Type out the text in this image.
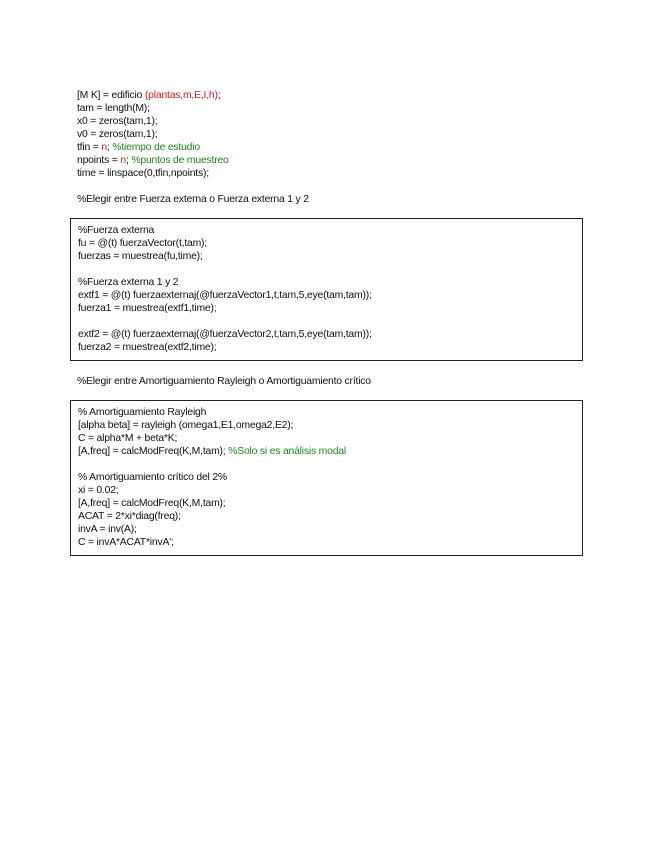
[M K] = edificio (plantas,m,E,I,h);
tam = length(M);
x0 = zeros(tam,1);
v0 = zeros(tam,1);
tfin = n; %tiempo de estudio
npoints = n; %puntos de muestreo
time = linspace(0,tfin,npoints);
%Elegir entre Fuerza externa o Fuerza externa 1 y 2
%Fuerza externa
fu = @(t) fuerzaVector(t,tam);
fuerzas = muestrea(fu,time);
%Fuerza externa 1 y 2
extf1 = @(t) fuerzaexternaj(@fuerzaVector1,t,tam,5,eye(tam,tam));
fuerza1 = muestrea(extf1,time);
extf2 = @(t) fuerzaexternaj(@fuerzaVector2,t,tam,5,eye(tam,tam));
fuerza2 = muestrea(extf2,time);
%Elegir entre Amortiguamiento Rayleigh o Amortiguamiento crítico
% Amortiguamiento Rayleigh
[alpha beta] = rayleigh (omega1,E1,omega2,E2);
C = alpha*M + beta*K;
[A,freq] = calcModFreq(K,M,tam); %Solo si es análisis modal
% Amortiguamiento crítico del 2%
xi = 0.02;
[A,freq] = calcModFreq(K,M,tam);
ACAT = 2*xi*diag(freq);
invA = inv(A);
C = invA*ACAT*invA';
